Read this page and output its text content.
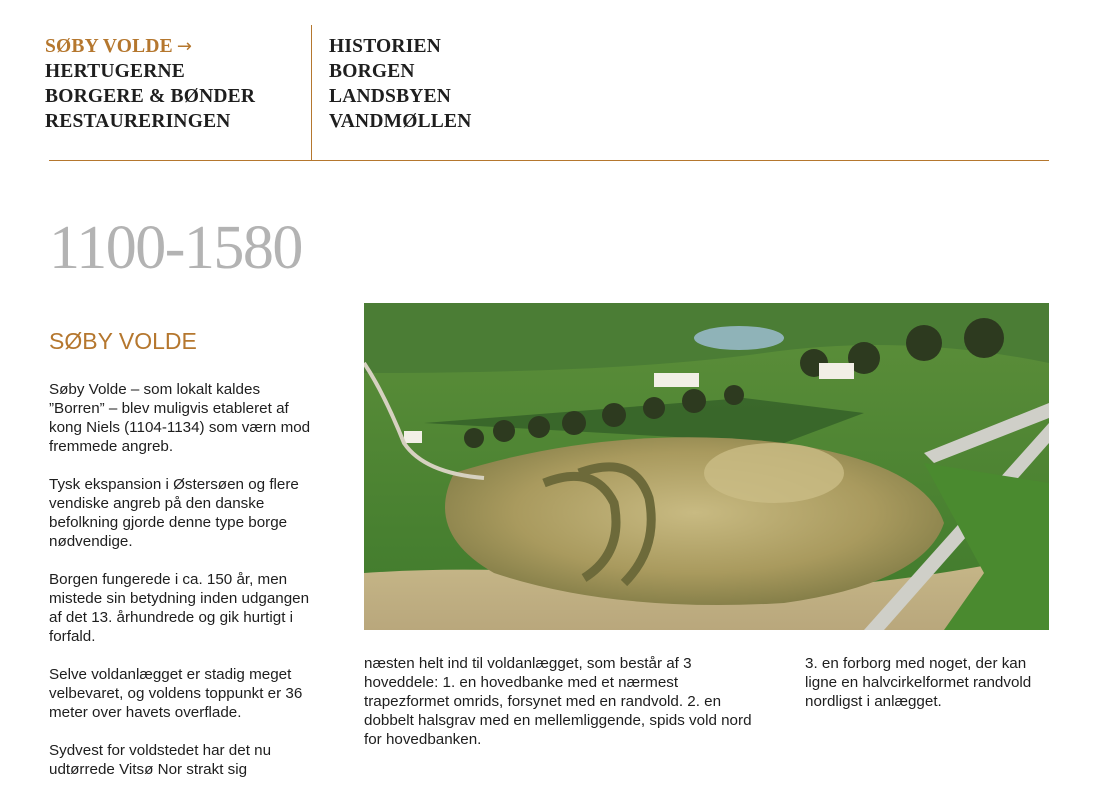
SØBY VOLDE →
HERTUGERNE
BORGERE & BØNDER
RESTAURERINGEN
HISTORIEN
BORGEN
LANDSBYEN
VANDMØLLEN
1100-1580
SØBY VOLDE

Søby Volde – som lokalt kaldes ”Borren” – blev muligvis etableret af kong Niels (1104-1134) som værn mod fremmede angreb.

Tysk ekspansion i Østersøen og flere vendiske angreb på den danske befolkning gjorde denne type borge nødvendige.

Borgen fungerede i ca. 150 år, men mistede sin betydning inden udgangen af det 13. århundrede og gik hurtigt i forfald.

Selve voldanlægget er stadig meget velbevaret, og voldens toppunkt er 36 meter over havets overflade.

Sydvest for voldstedet har det nu udtørrede Vitsø Nor strakt sig

næsten helt ind til voldanlægget, som består af 3 hoveddele: 1. en hovedbanke med et nærmest trapezformet omrids, forsynet med en randvold. 2. en dobbelt halsgrav med en mellemliggende, spids vold nord for hovedbanken.

3. en forborg med noget, der kan ligne en halvcirkelformet randvold nordligst i anlægget.
